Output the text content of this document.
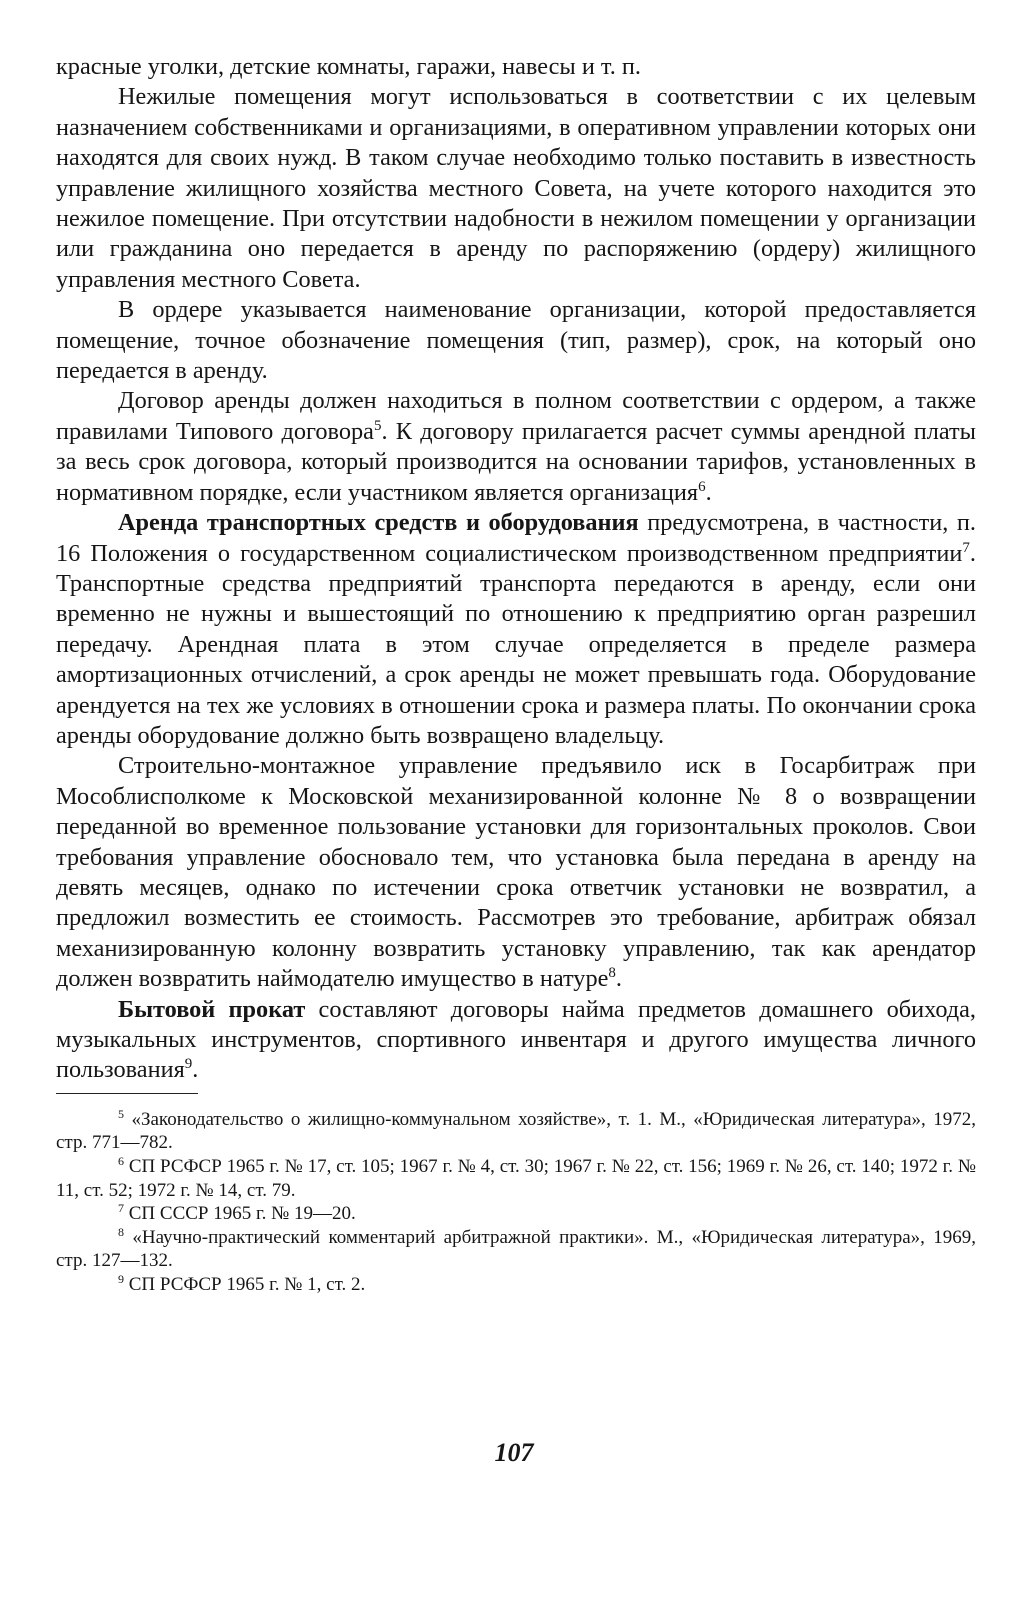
красные уголки, детские комнаты, гаражи, навесы и т. п.

Нежилые помещения могут использоваться в соответствии с их целевым назначением собственниками и организациями, в оперативном управлении которых они находятся для своих нужд. В таком случае необходимо только поставить в известность управление жилищного хозяйства местного Совета, на учете которого находится это нежилое помещение. При отсутствии надобности в нежилом помещении у организации или гражданина оно передается в аренду по распоряжению (ордеру) жилищного управления местного Совета.

В ордере указывается наименование организации, которой предоставляется помещение, точное обозначение помещения (тип, размер), срок, на который оно передается в аренду.

Договор аренды должен находиться в полном соответствии с ордером, а также правилами Типового договора$^5$. К договору прилагается расчет суммы арендной платы за весь срок договора, который производится на основании тарифов, установленных в нормативном порядке, если участником является организация$^6$.

Аренда транспортных средств и оборудования предусмотрена, в частности, п. 16 Положения о государственном социалистическом производственном предприятии$^7$. Транспортные средства предприятий транспорта передаются в аренду, если они временно не нужны и вышестоящий по отношению к предприятию орган разрешил передачу. Арендная плата в этом случае определяется в пределе размера амортизационных отчислений, а срок аренды не может превышать года. Оборудование арендуется на тех же условиях в отношении срока и размера платы. По окончании срока аренды оборудование должно быть возвращено владельцу.

Строительно-монтажное управление предъявило иск в Госарбитраж при Мособлисполкоме к Московской механизированной колонне № 8 о возвращении переданной во временное пользование установки для горизонтальных проколов. Свои требования управление обосновало тем, что установка была передана в аренду на девять месяцев, однако по истечении срока ответчик установки не возвратил, а предложил возместить ее стоимость. Рассмотрев это требование, арбитраж обязал механизированную колонну возвратить установку управлению, так как арендатор должен возвратить наймодателю имущество в натуре$^8$.

Бытовой прокат составляют договоры найма предметов домашнего обихода, музыкальных инструментов, спортивного инвентаря и другого имущества личного пользования$^9$.

$^5$ «Законодательство о жилищно-коммунальном хозяйстве», т. 1. М., «Юридическая литература», 1972, стр. 771—782.

$^6$ СП РСФСР 1965 г. № 17, ст. 105; 1967 г. № 4, ст. 30; 1967 г. № 22, ст. 156; 1969 г. № 26, ст. 140; 1972 г. № 11, ст. 52; 1972 г. № 14, ст. 79.

$^7$ СП СССР 1965 г. № 19—20.

$^8$ «Научно-практический комментарий арбитражной практики». М., «Юридическая литература», 1969, стр. 127—132.

$^9$ СП РСФСР 1965 г. № 1, ст. 2.

107
